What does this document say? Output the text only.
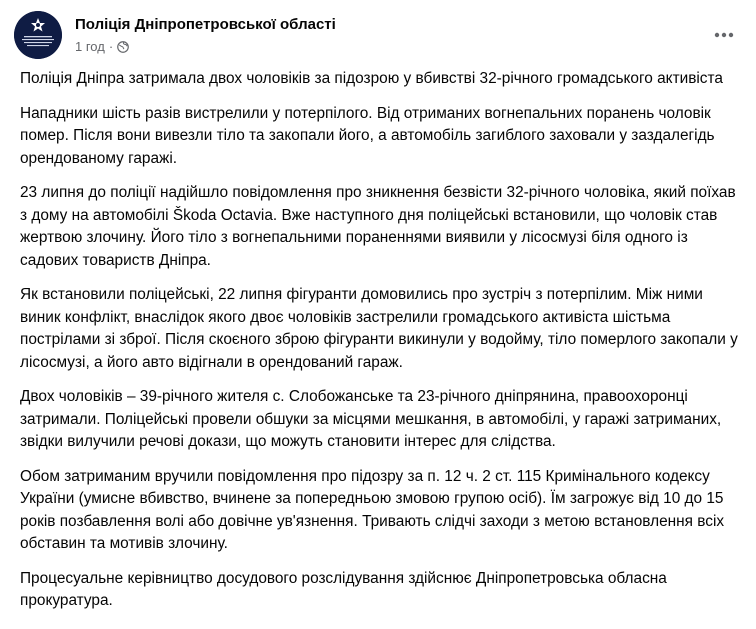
Поліція Дніпропетровської області
1 год ·

Поліція Дніпра затримала двох чоловіків за підозрою у вбивстві 32-річного громадського активіста

Нападники шість разів вистрелили у потерпілого. Від отриманих вогнепальних поранень чоловік помер. Після вони вивезли тіло та закопали його, а автомобіль загиблого заховали у заздалегідь орендованому гаражі.

23 липня до поліції надійшло повідомлення про зникнення безвісти 32-річного чоловіка, який поїхав з дому на автомобілі Škoda Octavia. Вже наступного дня поліцейські встановили, що чоловік став жертвою злочину. Його тіло з вогнепальними пораненнями виявили у лісосмузі біля одного із садових товариств Дніпра.

Як встановили поліцейські, 22 липня фігуранти домовились про зустріч з потерпілим. Між ними виник конфлікт, внаслідок якого двоє чоловіків застрелили громадського активіста шістьма пострілами зі зброї. Після скоєного зброю фігуранти викинули у водойму, тіло померлого закопали у лісосмузі, а його авто відігнали в орендований гараж.

Двох чоловіків – 39-річного жителя с. Слобожанське та 23-річного дніпрянина, правоохоронці затримали. Поліцейські провели обшуки за місцями мешкання, в автомобілі, у гаражі затриманих, звідки вилучили речові докази, що можуть становити інтерес для слідства.

Обом затриманим вручили повідомлення про підозру за п. 12 ч. 2 ст. 115 Кримінального кодексу України (умисне вбивство, вчинене за попередньою змовою групою осіб). Їм загрожує від 10 до 15 років позбавлення волі або довічне ув'язнення. Тривають слідчі заходи з метою встановлення всіх обставин та мотивів злочину.

Процесуальне керівництво досудового розслідування здійснює Дніпропетровська обласна прокуратура.
